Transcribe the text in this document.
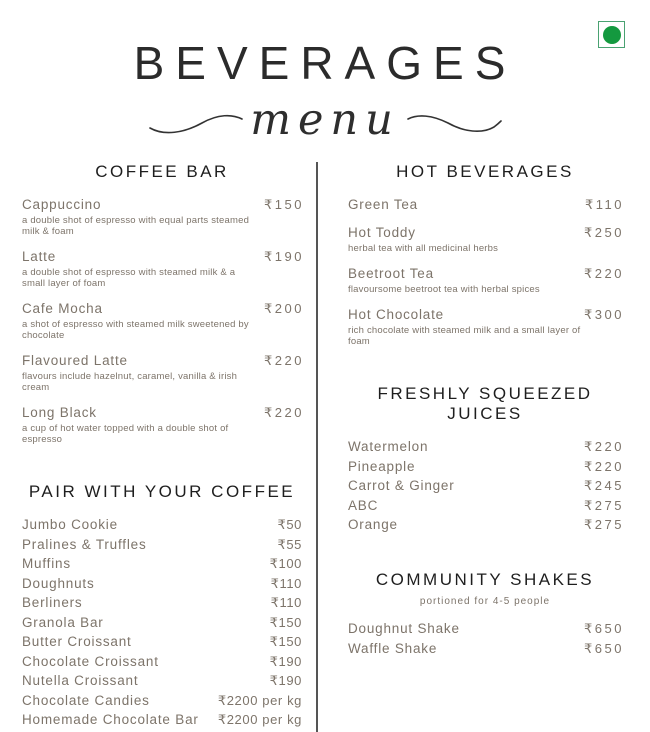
BEVERAGES
menu
COFFEE BAR
Cappuccino	₹150
a double shot of espresso with equal parts steamed milk & foam
Latte	₹190
a double shot of espresso with steamed milk & a small layer of foam
Cafe Mocha	₹200
a shot of espresso with steamed milk sweetened by chocolate
Flavoured Latte	₹220
flavours include hazelnut, caramel, vanilla & irish cream
Long Black	₹220
a cup of hot water topped with a double shot of espresso
PAIR WITH YOUR COFFEE
Jumbo Cookie	₹50
Pralines & Truffles	₹55
Muffins	₹100
Doughnuts	₹110
Berliners	₹110
Granola Bar	₹150
Butter Croissant	₹150
Chocolate Croissant	₹190
Nutella Croissant	₹190
Chocolate Candies	₹2200 per kg
Homemade Chocolate Bar ₹2200 per kg
HOT BEVERAGES
Green Tea	₹110
Hot Toddy	₹250
herbal tea with all medicinal herbs
Beetroot Tea	₹220
flavoursome beetroot tea with herbal spices
Hot Chocolate	₹300
rich chocolate with steamed milk and a small layer of foam
FRESHLY SQUEEZED JUICES
Watermelon	₹220
Pineapple	₹220
Carrot & Ginger	₹245
ABC	₹275
Orange	₹275
COMMUNITY SHAKES
portioned for 4-5 people
Doughnut Shake	₹650
Waffle Shake	₹650
